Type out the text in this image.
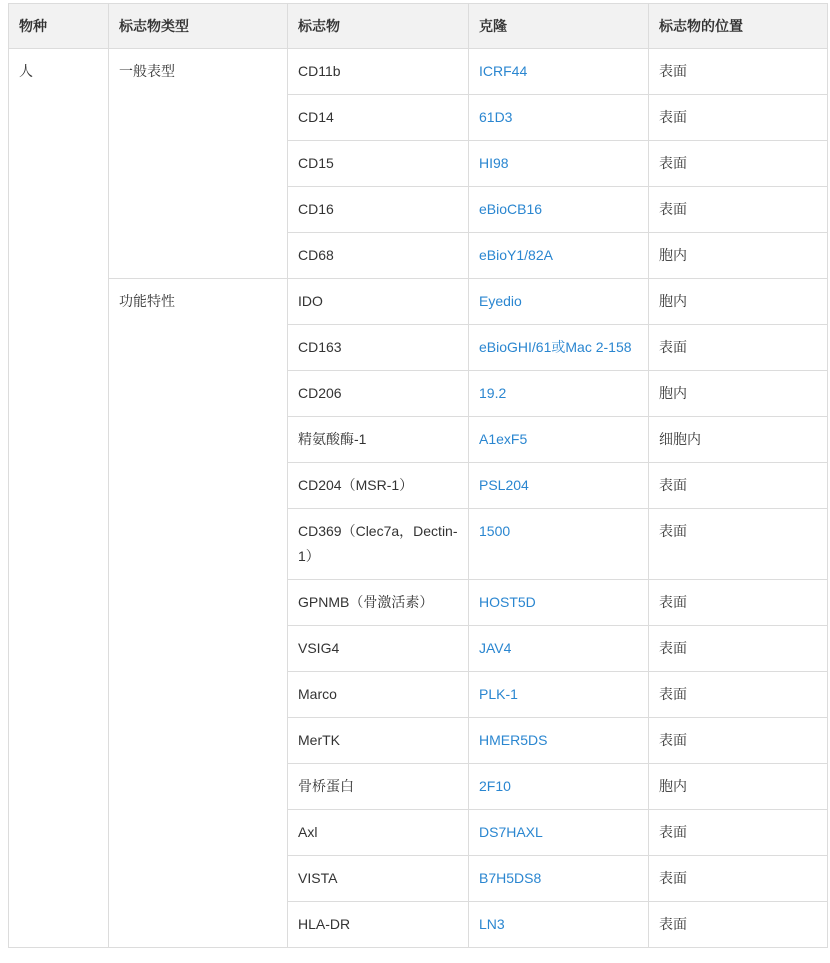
物种	标志物类型	标志物	克隆	标志物的位置
人	一般表型	CD11b	ICRF44	表面
		CD14	61D3	表面
		CD15	HI98	表面
		CD16	eBioCB16	表面
		CD68	eBioY1/82A	胞内
	功能特性	IDO	Eyedio	胞内
		CD163	eBioGHI/61或Mac 2-158	表面
		CD206	19.2	胞内
		精氨酸酶-1	A1exF5	细胞内
		CD204（MSR-1）	PSL204	表面
		CD369（Clec7a，Dectin-1）	1500	表面
		GPNMB（骨激活素）	HOST5D	表面
		VSIG4	JAV4	表面
		Marco	PLK-1	表面
		MerTK	HMER5DS	表面
		骨桥蛋白	2F10	胞内
		Axl	DS7HAXL	表面
		VISTA	B7H5DS8	表面
		HLA-DR	LN3	表面
